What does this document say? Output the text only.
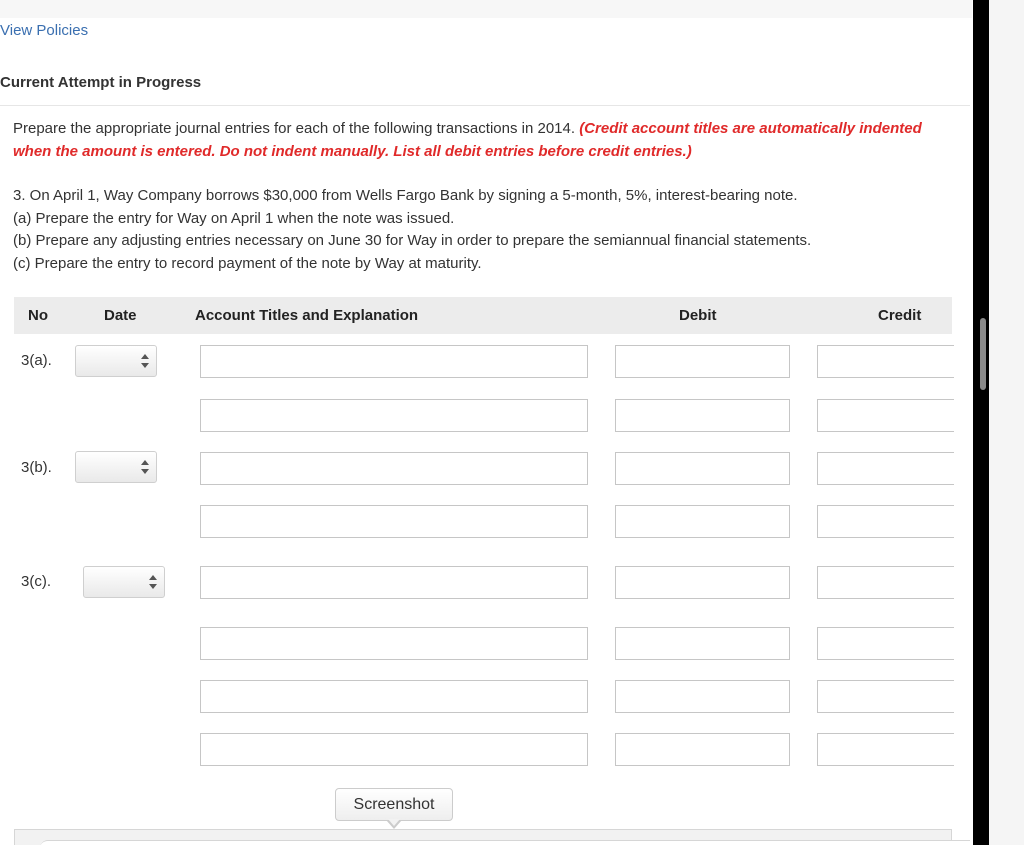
View Policies
Current Attempt in Progress
Prepare the appropriate journal entries for each of the following transactions in 2014. (Credit account titles are automatically indented when the amount is entered. Do not indent manually. List all debit entries before credit entries.)
3. On April 1, Way Company borrows $30,000 from Wells Fargo Bank by signing a 5-month, 5%, interest-bearing note.
(a) Prepare the entry for Way on April 1 when the note was issued.
(b) Prepare any adjusting entries necessary on June 30 for Way in order to prepare the semiannual financial statements.
(c) Prepare the entry to record payment of the note by Way at maturity.
No	Date	Account Titles and Explanation	Debit	Credit
3(a).
3(b).
3(c).
Screenshot
